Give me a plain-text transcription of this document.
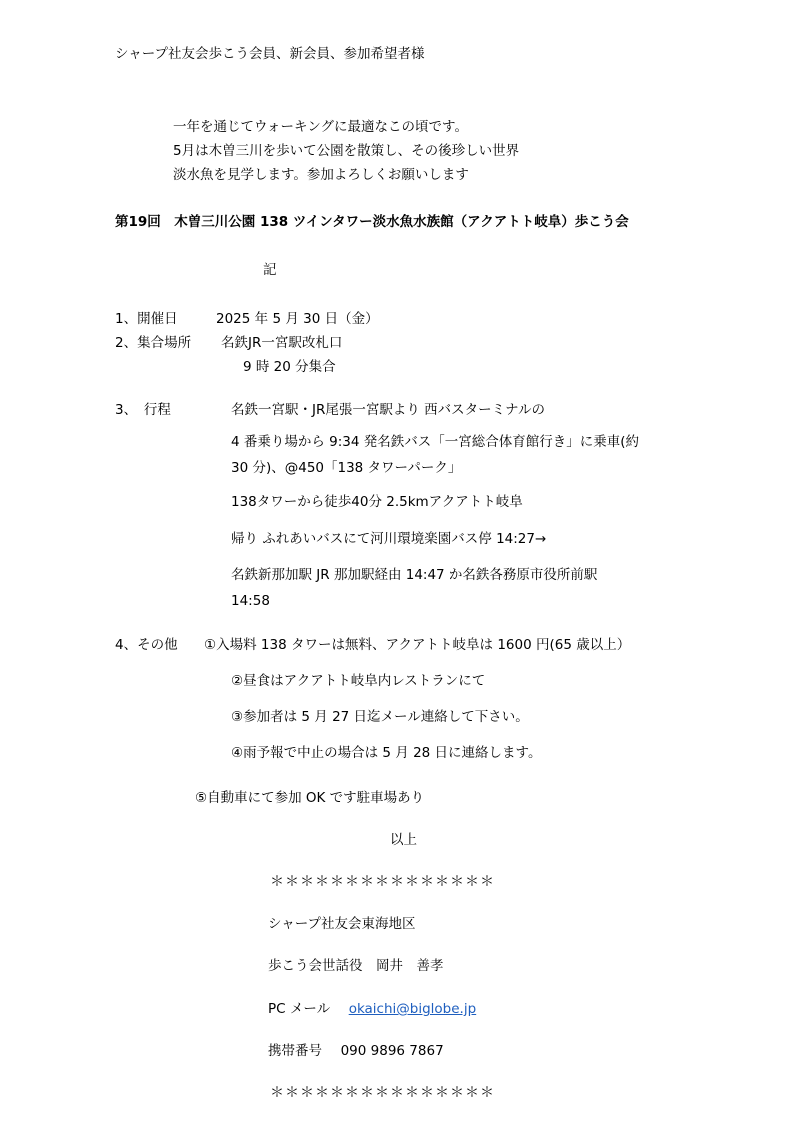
シャープ社友会歩こう会員、新会員、参加希望者様
一年を通じてウォーキングに最適なこの頃です。
5月は木曽三川を歩いて公園を散策し、その後珍しい世界
淡水魚を見学します。参加よろしくお願いします
第19回　木曽三川公園 138 ツインタワー淡水魚水族館（アクアトト岐阜）歩こう会
記
1、開催日	2025 年 5 月 30 日（金）
2、集合場所 名鉄JR一宮駅改札口
9 時 20 分集合
3、　行程	名鉄一宮駅・JR尾張一宮駅より 西バスターミナルの
4 番乗り場から 9:34 発名鉄バス「一宮総合体育館行き」に乗車(約
30 分)、@450「138 タワーパーク」
138タワーから徒歩40分 2.5kmアクアトト岐阜
帰り ふれあいバスにて河川環境楽園バス停 14:27→
名鉄新那加駅 JR 那加駅経由 14:47 か名鉄各務原市役所前駅
14:58
4、その他 ①入場料 138 タワーは無料、アクアトト岐阜は 1600 円(65 歳以上）
②昼食はアクアトト岐阜内レストランにて
③参加者は 5 月 27 日迄メール連絡して下さい。
④雨予報で中止の場合は 5 月 28 日に連絡します。
⑤自動車にて参加 OK です駐車場あり
以上
＊＊＊＊＊＊＊＊＊＊＊＊＊＊＊
シャープ社友会東海地区
歩こう会世話役　岡井　善孝
PC メール okaichi@biglobe.jp
携帯番号 090 9896 7867
＊＊＊＊＊＊＊＊＊＊＊＊＊＊＊
